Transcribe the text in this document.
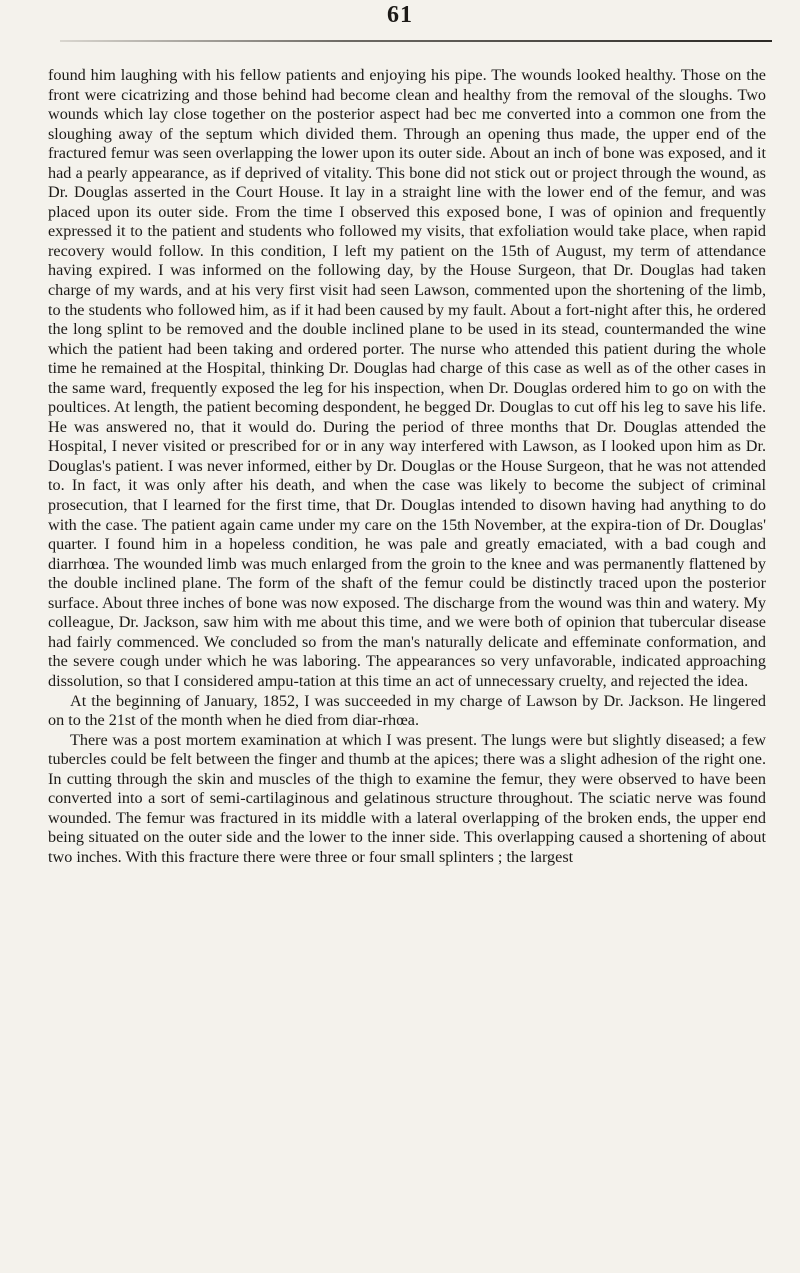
61

found him laughing with his fellow patients and enjoying his pipe. The wounds looked healthy. Those on the front were cicatrizing and those behind had become clean and healthy from the removal of the sloughs. Two wounds which lay close together on the posterior aspect had bec me converted into a common one from the sloughing away of the septum which divided them. Through an opening thus made, the upper end of the fractured femur was seen overlapping the lower upon its outer side. About an inch of bone was exposed, and it had a pearly appearance, as if deprived of vitality. This bone did not stick out or project through the wound, as Dr. Douglas asserted in the Court House. It lay in a straight line with the lower end of the femur, and was placed upon its outer side. From the time I observed this exposed bone, I was of opinion and frequently expressed it to the patient and students who followed my visits, that exfoliation would take place, when rapid recovery would follow. In this condition, I left my patient on the 15th of August, my term of attendance having expired. I was informed on the following day, by the House Surgeon, that Dr. Douglas had taken charge of my wards, and at his very first visit had seen Lawson, commented upon the shortening of the limb, to the students who followed him, as if it had been caused by my fault. About a fort-night after this, he ordered the long splint to be removed and the double inclined plane to be used in its stead, countermanded the wine which the patient had been taking and ordered porter. The nurse who attended this patient during the whole time he remained at the Hospital, thinking Dr. Douglas had charge of this case as well as of the other cases in the same ward, frequently exposed the leg for his inspection, when Dr. Douglas ordered him to go on with the poultices. At length, the patient becoming despondent, he begged Dr. Douglas to cut off his leg to save his life. He was answered no, that it would do. During the period of three months that Dr. Douglas attended the Hospital, I never visited or prescribed for or in any way interfered with Lawson, as I looked upon him as Dr. Douglas's patient. I was never informed, either by Dr. Douglas or the House Surgeon, that he was not attended to. In fact, it was only after his death, and when the case was likely to become the subject of criminal prosecution, that I learned for the first time, that Dr. Douglas intended to disown having had anything to do with the case. The patient again came under my care on the 15th November, at the expira-tion of Dr. Douglas' quarter. I found him in a hopeless condition, he was pale and greatly emaciated, with a bad cough and diarrhœa. The wounded limb was much enlarged from the groin to the knee and was permanently flattened by the double inclined plane. The form of the shaft of the femur could be distinctly traced upon the posterior surface. About three inches of bone was now exposed. The discharge from the wound was thin and watery. My colleague, Dr. Jackson, saw him with me about this time, and we were both of opinion that tubercular disease had fairly commenced. We concluded so from the man's naturally delicate and effeminate conformation, and the severe cough under which he was laboring. The appearances so very unfavorable, indicated approaching dissolution, so that I considered ampu-tation at this time an act of unnecessary cruelty, and rejected the idea.

At the beginning of January, 1852, I was succeeded in my charge of Lawson by Dr. Jackson. He lingered on to the 21st of the month when he died from diar-rhœa.

There was a post mortem examination at which I was present. The lungs were but slightly diseased; a few tubercles could be felt between the finger and thumb at the apices; there was a slight adhesion of the right one. In cutting through the skin and muscles of the thigh to examine the femur, they were observed to have been converted into a sort of semi-cartilaginous and gelatinous structure throughout. The sciatic nerve was found wounded. The femur was fractured in its middle with a lateral overlapping of the broken ends, the upper end being situated on the outer side and the lower to the inner side. This overlapping caused a shortening of about two inches. With this fracture there were three or four small splinters ; the largest
